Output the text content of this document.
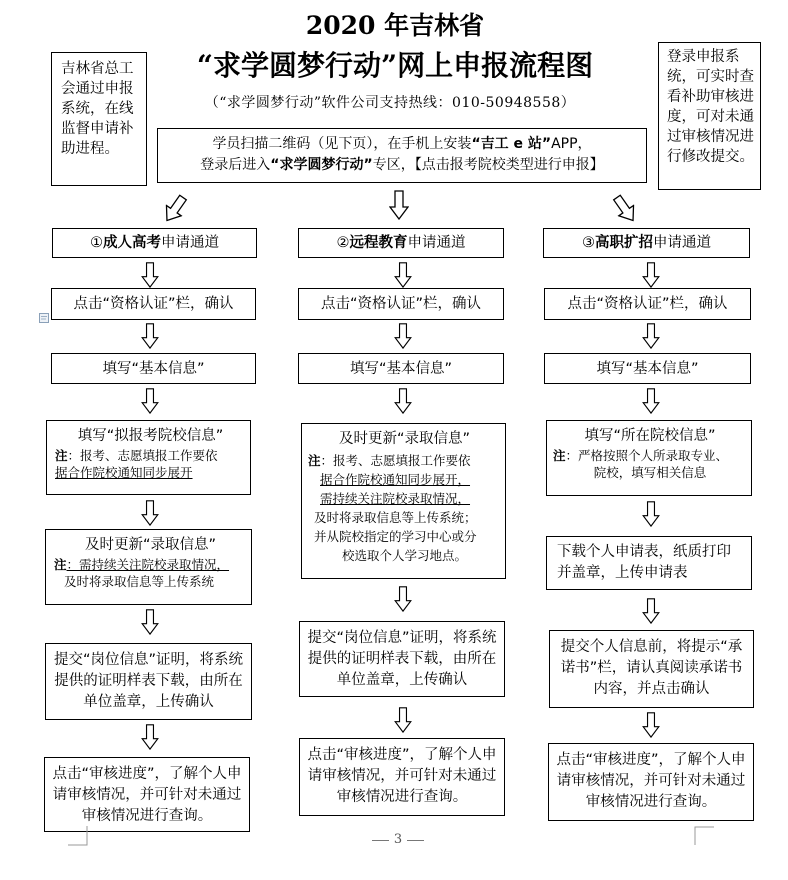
2020 年吉林省
“求学圆梦行动”网上申报流程图
（“求学圆梦行动”软件公司支持热线：010-50948558）
吉林省总工会通过申报系统，在线监督申请补助进程。
登录申报系统，可实时查看补助审核进度，可对未通过审核情况进行修改提交。
学员扫描二维码（见下页），在手机上安装“吉工 e 站”APP，
登录后进入“求学圆梦行动”专区，【点击报考院校类型进行申报】
①成人高考申请通道
点击“资格认证”栏，确认
填写“基本信息”
填写“拟报考院校信息”
注：报考、志愿填报工作要依
据合作院校通知同步展开
及时更新“录取信息”
注：需持续关注院校录取情况，
及时将录取信息等上传系统
提交“岗位信息”证明，将系统提供的证明样表下载，由所在单位盖章，上传确认
点击“审核进度”，了解个人申请审核情况，并可针对未通过审核情况进行查询。
②远程教育申请通道
点击“资格认证”栏，确认
填写“基本信息”
及时更新“录取信息”
注：报考、志愿填报工作要依
据合作院校通知同步展开，
需持续关注院校录取情况，
及时将录取信息等上传系统；
并从院校指定的学习中心或分
校选取个人学习地点。
提交“岗位信息”证明，将系统提供的证明样表下载，由所在单位盖章，上传确认
点击“审核进度”，了解个人申请审核情况，并可针对未通过审核情况进行查询。
③高职扩招申请通道
点击“资格认证”栏，确认
填写“基本信息”
填写“所在院校信息”
注：严格按照个人所录取专业、
院校，填写相关信息
下载个人申请表，纸质打印并盖章，上传申请表
提交个人信息前，将提示“承诺书”栏，请认真阅读承诺书内容，并点击确认
点击“审核进度”，了解个人申请审核情况，并可针对未通过审核情况进行查询。
3
